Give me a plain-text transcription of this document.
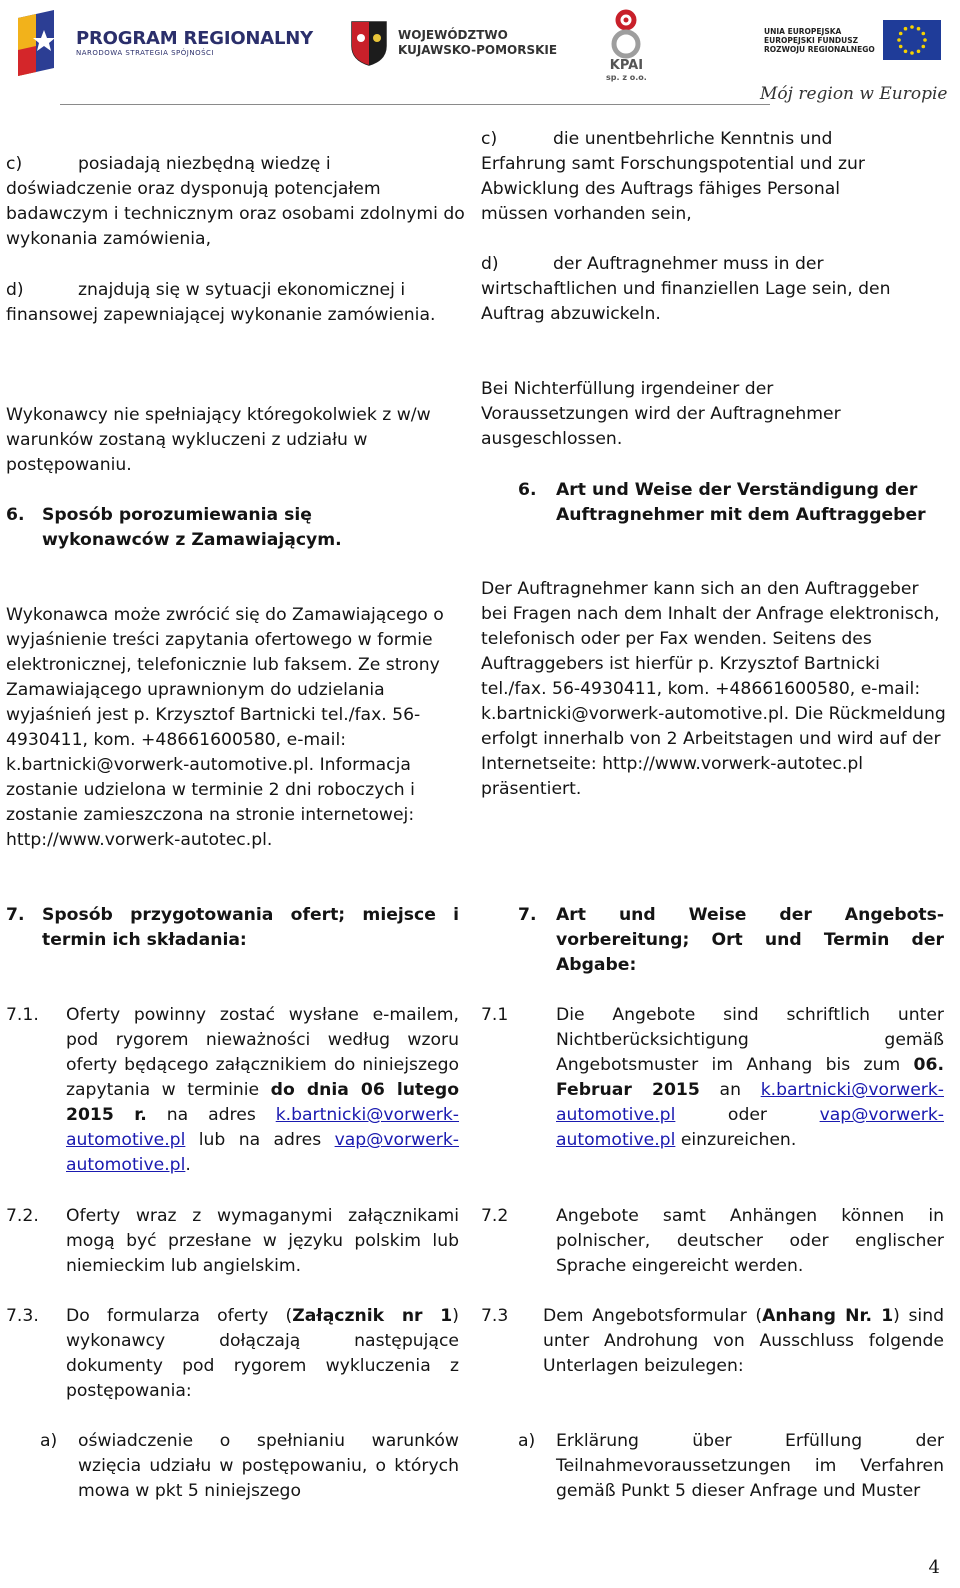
PROGRAM REGIONALNY
NARODOWA STRATEGIA SPÓJNOŚCI
WOJEWÓDZTWO
KUJAWSKO-POMORSKIE
KPAI
sp. z o.o.
UNIA EUROPEJSKA
EUROPEJSKI FUNDUSZ
ROZWOJU REGIONALNEGO
Mój region w Europie
c)	posiadają niezbędną wiedzę i
doświadczenie oraz dysponują potencjałem badawczym i technicznym oraz osobami zdolnymi do wykonania zamówienia,
d)	znajdują się w sytuacji ekonomicznej i
finansowej zapewniającej wykonanie zamówienia.
Wykonawcy nie spełniający któregokolwiek z w/w warunków zostaną wykluczeni z udziału w postępowaniu.
6.	Sposób porozumiewania się
wykonawców z Zamawiającym.
Wykonawca może zwrócić się do Zamawiającego o wyjaśnienie treści zapytania ofertowego w formie elektronicznej, telefonicznie lub faksem. Ze strony Zamawiającego uprawnionym do udzielania wyjaśnień jest p. Krzysztof Bartnicki tel./fax. 56-4930411, kom. +48661600580, e-mail: k.bartnicki@vorwerk-automotive.pl. Informacja zostanie udzielona w terminie 2 dni roboczych i zostanie zamieszczona na stronie internetowej: http://www.vorwerk-autotec.pl.
7.	Sposób przygotowania ofert; miejsce i termin ich składania:
7.1.	Oferty powinny zostać wysłane e-mailem, pod rygorem nieważności według wzoru oferty będącego załącznikiem do niniejszego zapytania w terminie do dnia 06 lutego 2015 r. na adres k.bartnicki@vorwerk-automotive.pl lub na adres vap@vorwerk-automotive.pl.
7.2.	Oferty wraz z wymaganymi załącznikami mogą być przesłane w języku polskim lub niemieckim lub angielskim.
7.3.	Do formularza oferty (Załącznik nr 1) wykonawcy dołączają następujące dokumenty pod rygorem wykluczenia z postępowania:
a)	oświadczenie o spełnianiu warunków wzięcia udziału w postępowaniu, o których mowa w pkt 5 niniejszego
c)	die unentbehrliche Kenntnis und
Erfahrung samt Forschungspotential und zur Abwicklung des Auftrags fähiges Personal müssen vorhanden sein,
d)	der Auftragnehmer muss in der
wirtschaftlichen und finanziellen Lage sein, den Auftrag abzuwickeln.
Bei Nichterfüllung irgendeiner der Voraussetzungen wird der Auftragnehmer ausgeschlossen.
6.	Art und Weise der Verständigung der Auftragnehmer mit dem Auftraggeber
Der Auftragnehmer kann sich an den Auftraggeber bei Fragen nach dem Inhalt der Anfrage elektronisch, telefonisch oder per Fax wenden. Seitens des Auftraggebers ist hierfür p. Krzysztof Bartnicki tel./fax. 56-4930411, kom. +48661600580, e-mail: k.bartnicki@vorwerk-automotive.pl. Die Rückmeldung erfolgt innerhalb von 2 Arbeitstagen und wird auf der Internetseite: http://www.vorwerk-autotec.pl präsentiert.
7.	Art und Weise der Angebots-vorbereitung; Ort und Termin der Abgabe:
7.1	Die Angebote sind schriftlich unter Nichtberücksichtigung gemäß Angebotsmuster im Anhang bis zum 06. Februar 2015 an k.bartnicki@vorwerk-automotive.pl oder vap@vorwerk-automotive.pl einzureichen.
7.2	Angebote samt Anhängen können in polnischer, deutscher oder englischer Sprache eingereicht werden.
7.3	Dem Angebotsformular (Anhang Nr. 1) sind unter Androhung von Ausschluss folgende Unterlagen beizulegen:
a)	Erklärung über Erfüllung der Teilnahmevoraussetzungen im Verfahren gemäß Punkt 5 dieser Anfrage und Muster
4
